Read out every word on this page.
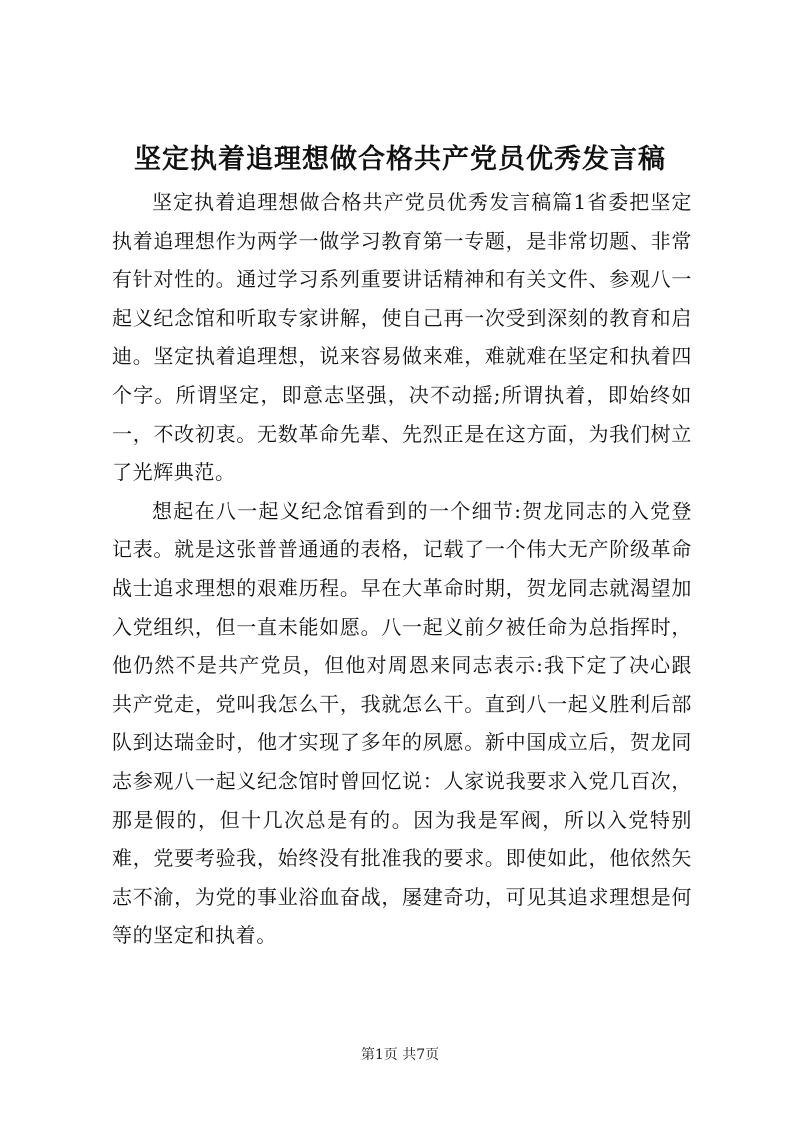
坚定执着追理想做合格共产党员优秀发言稿

坚定执着追理想做合格共产党员优秀发言稿篇1省委把坚定执着追理想作为两学一做学习教育第一专题，是非常切题、非常有针对性的。通过学习系列重要讲话精神和有关文件、参观八一起义纪念馆和听取专家讲解，使自己再一次受到深刻的教育和启迪。坚定执着追理想，说来容易做来难，难就难在坚定和执着四个字。所谓坚定，即意志坚强，决不动摇;所谓执着，即始终如一，不改初衷。无数革命先辈、先烈正是在这方面，为我们树立了光辉典范。

想起在八一起义纪念馆看到的一个细节:贺龙同志的入党登记表。就是这张普普通通的表格，记载了一个伟大无产阶级革命战士追求理想的艰难历程。早在大革命时期，贺龙同志就渴望加入党组织，但一直未能如愿。八一起义前夕被任命为总指挥时，他仍然不是共产党员，但他对周恩来同志表示:我下定了决心跟共产党走，党叫我怎么干，我就怎么干。直到八一起义胜利后部队到达瑞金时，他才实现了多年的夙愿。新中国成立后，贺龙同志参观八一起义纪念馆时曾回忆说：人家说我要求入党几百次，那是假的，但十几次总是有的。因为我是军阀，所以入党特别难，党要考验我，始终没有批准我的要求。即使如此，他依然矢志不渝，为党的事业浴血奋战，屡建奇功，可见其追求理想是何等的坚定和执着。

第1页 共7页
